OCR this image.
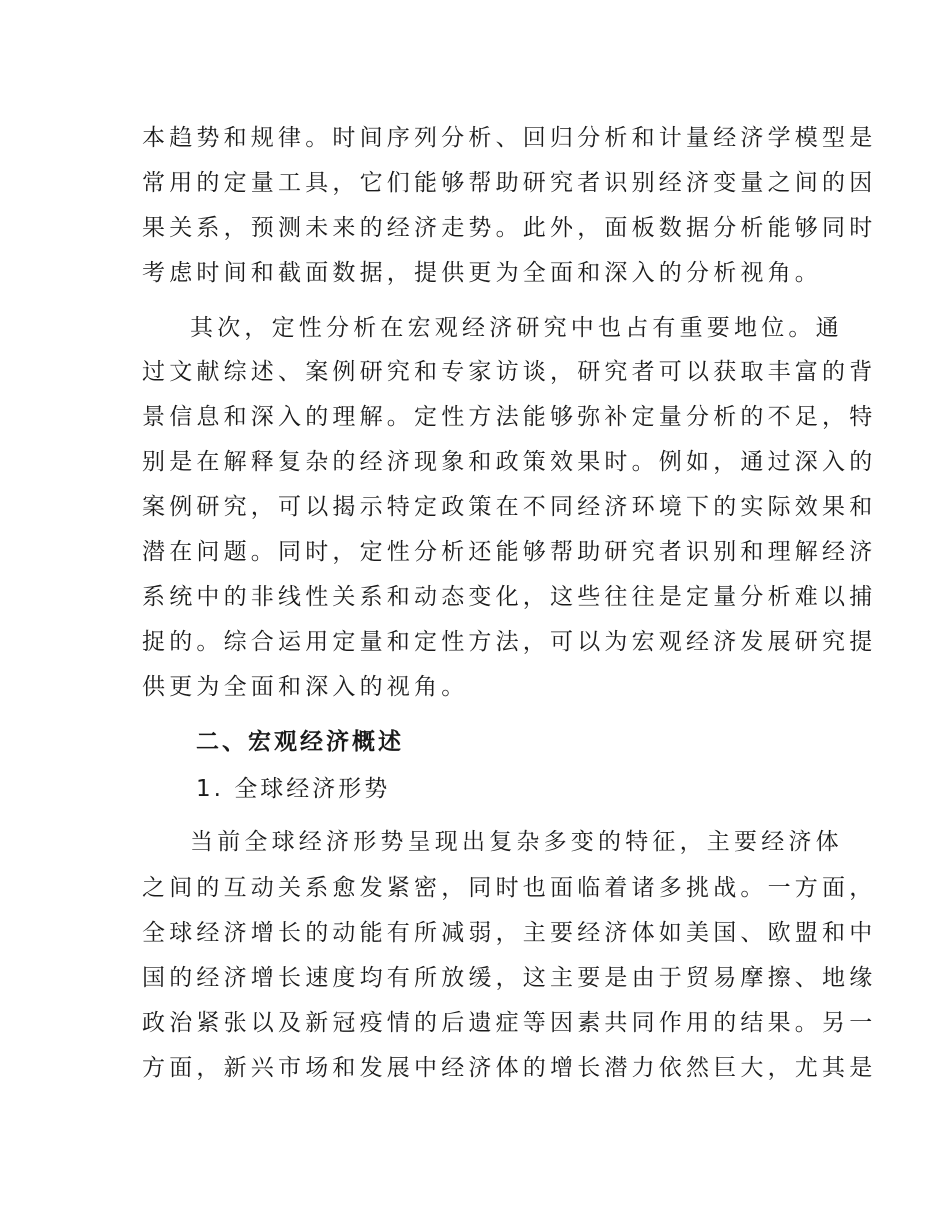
本趋势和规律。时间序列分析、回归分析和计量经济学模型是
常用的定量工具，它们能够帮助研究者识别经济变量之间的因
果关系，预测未来的经济走势。此外，面板数据分析能够同时
考虑时间和截面数据，提供更为全面和深入的分析视角。
其次，定性分析在宏观经济研究中也占有重要地位。通
过文献综述、案例研究和专家访谈，研究者可以获取丰富的背
景信息和深入的理解。定性方法能够弥补定量分析的不足，特
别是在解释复杂的经济现象和政策效果时。例如，通过深入的
案例研究，可以揭示特定政策在不同经济环境下的实际效果和
潜在问题。同时，定性分析还能够帮助研究者识别和理解经济
系统中的非线性关系和动态变化，这些往往是定量分析难以捕
捉的。综合运用定量和定性方法，可以为宏观经济发展研究提
供更为全面和深入的视角。
二、宏观经济概述
1. 全球经济形势
当前全球经济形势呈现出复杂多变的特征，主要经济体
之间的互动关系愈发紧密，同时也面临着诸多挑战。一方面，
全球经济增长的动能有所减弱，主要经济体如美国、欧盟和中
国的经济增长速度均有所放缓，这主要是由于贸易摩擦、地缘
政治紧张以及新冠疫情的后遗症等因素共同作用的结果。另一
方面，新兴市场和发展中经济体的增长潜力依然巨大，尤其是
